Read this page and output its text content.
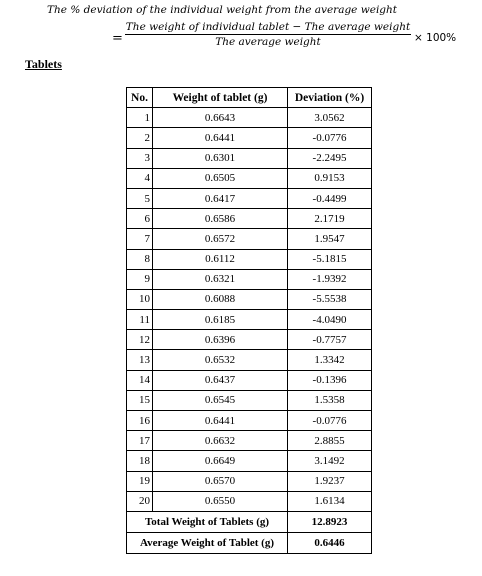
The % deviation of the individual weight from the average weight
=
The weight of individual tablet − The average weight
The average weight	× 100%
Tablets
No.	Weight of tablet (g)	Deviation (%)
1	0.6643	3.0562
2	0.6441	-0.0776
3	0.6301	-2.2495
4	0.6505	0.9153
5	0.6417	-0.4499
6	0.6586	2.1719
7	0.6572	1.9547
8	0.6112	-5.1815
9	0.6321	-1.9392
10	0.6088	-5.5538
11	0.6185	-4.0490
12	0.6396	-0.7757
13	0.6532	1.3342
14	0.6437	-0.1396
15	0.6545	1.5358
16	0.6441	-0.0776
17	0.6632	2.8855
18	0.6649	3.1492
19	0.6570	1.9237
20	0.6550	1.6134
Total Weight of Tablets (g)		12.8923
Average Weight of Tablet (g)		0.6446
